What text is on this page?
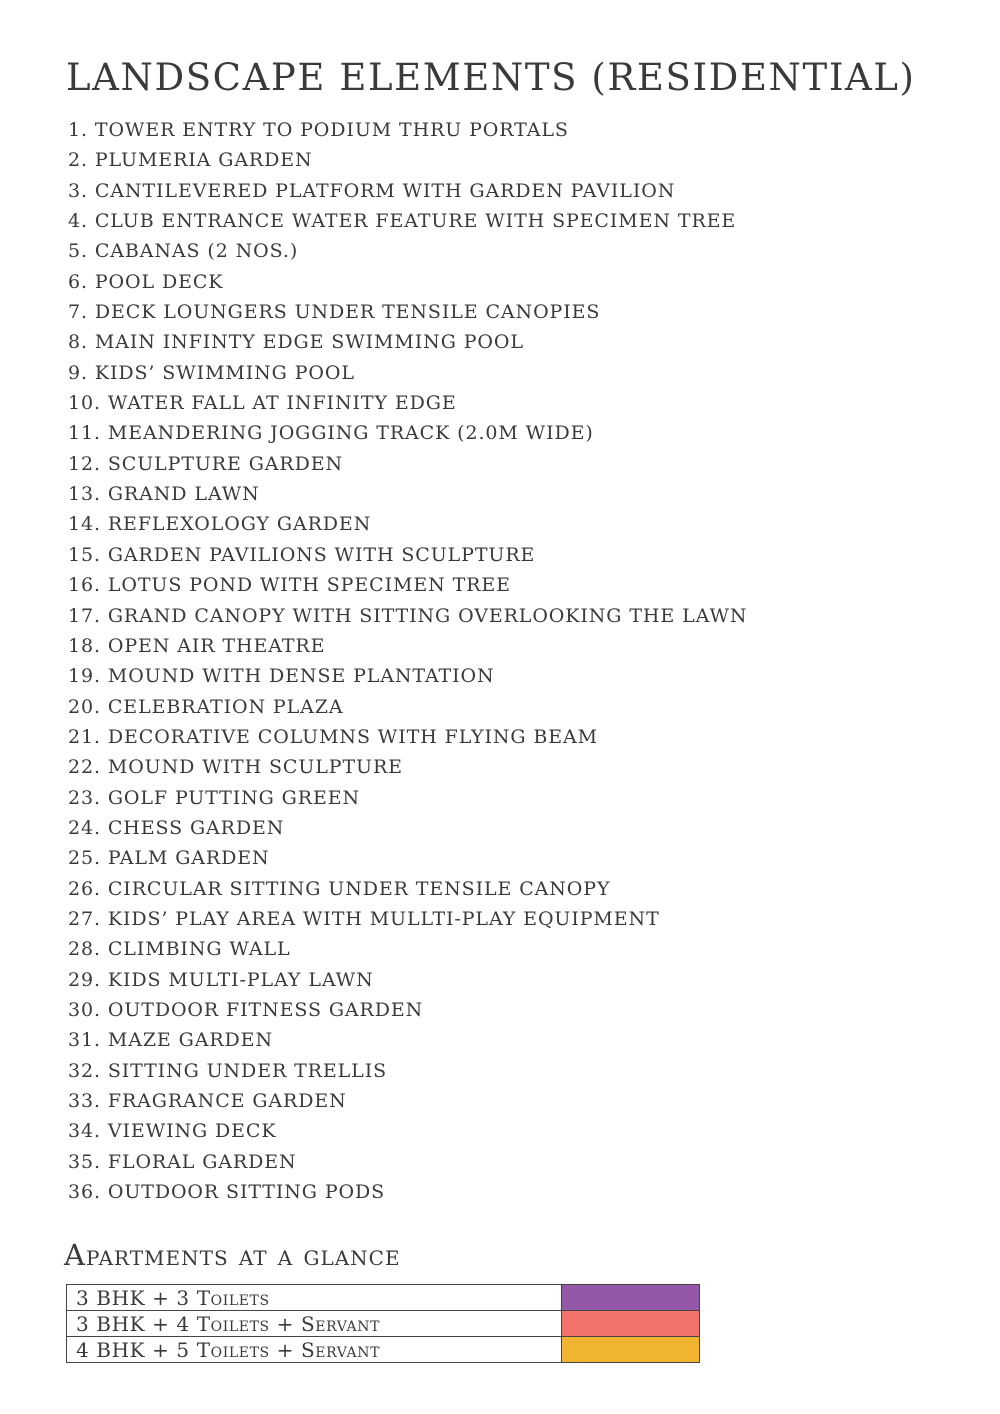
LANDSCAPE ELEMENTS (RESIDENTIAL)
1. TOWER ENTRY TO PODIUM THRU PORTALS
2. PLUMERIA GARDEN
3. CANTILEVERED PLATFORM WITH GARDEN PAVILION
4. CLUB ENTRANCE WATER FEATURE WITH SPECIMEN TREE
5. CABANAS (2 NOS.)
6. POOL DECK
7. DECK LOUNGERS UNDER TENSILE CANOPIES
8. MAIN INFINTY EDGE SWIMMING POOL
9. KIDS’ SWIMMING POOL
10. WATER FALL AT INFINITY EDGE
11. MEANDERING JOGGING TRACK (2.0M WIDE)
12. SCULPTURE GARDEN
13. GRAND LAWN
14. REFLEXOLOGY GARDEN
15. GARDEN PAVILIONS WITH SCULPTURE
16. LOTUS POND WITH SPECIMEN TREE
17. GRAND CANOPY WITH SITTING OVERLOOKING THE LAWN
18. OPEN AIR THEATRE
19. MOUND WITH DENSE PLANTATION
20. CELEBRATION PLAZA
21. DECORATIVE COLUMNS WITH FLYING BEAM
22. MOUND WITH SCULPTURE
23. GOLF PUTTING GREEN
24. CHESS GARDEN
25. PALM GARDEN
26. CIRCULAR SITTING UNDER TENSILE CANOPY
27. KIDS’ PLAY AREA WITH MULLTI-PLAY EQUIPMENT
28. CLIMBING WALL
29. KIDS MULTI-PLAY LAWN
30. OUTDOOR FITNESS GARDEN
31. MAZE GARDEN
32. SITTING UNDER TRELLIS
33. FRAGRANCE GARDEN
34. VIEWING DECK
35. FLORAL GARDEN
36. OUTDOOR SITTING PODS
Apartments at a glance
3 BHK + 3 Toilets	
3 BHK + 4 Toilets + Servant	
4 BHK + 5 Toilets + Servant	
